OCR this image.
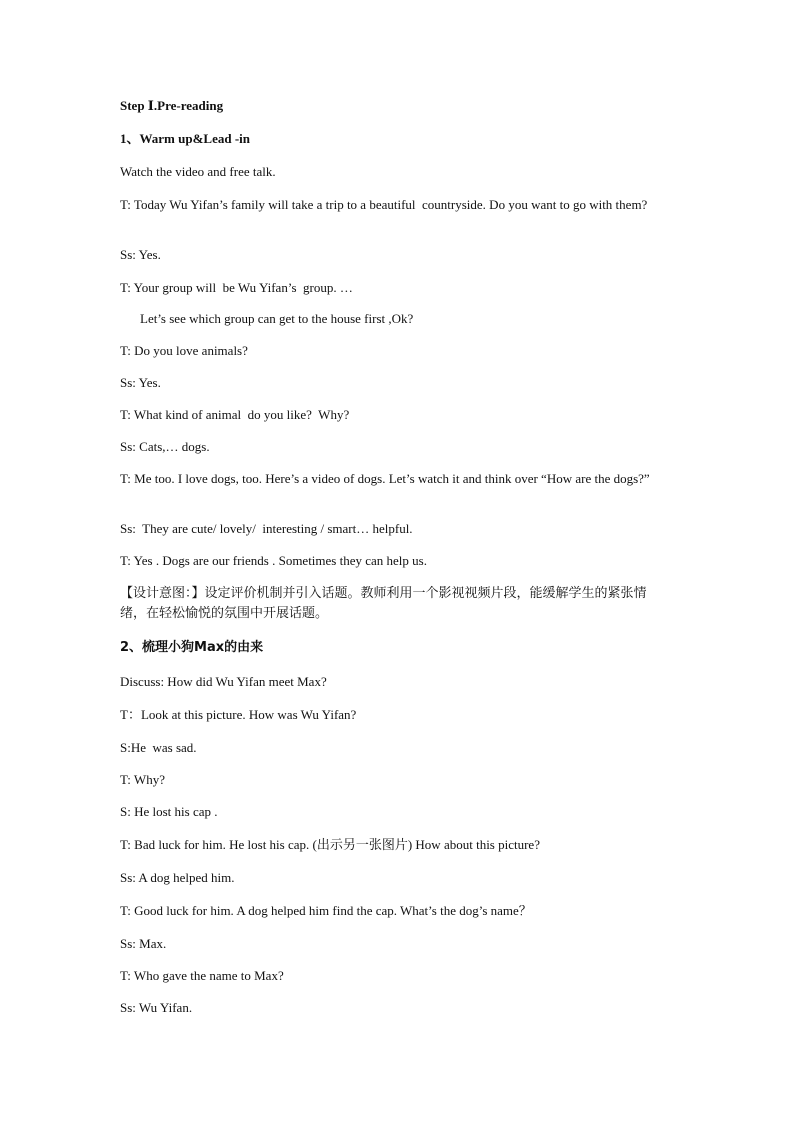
Step Ⅰ.Pre-reading
1、Warm up&Lead -in
Watch the video and free talk.
T: Today Wu Yifan’s family will take a trip to a beautiful  countryside. Do you want to go with them?
Ss: Yes.
T: Your group will  be Wu Yifan’s  group. …
Let’s see which group can get to the house first ,Ok?
T: Do you love animals?
Ss: Yes.
T: What kind of animal  do you like?  Why?
Ss: Cats,… dogs.
T: Me too. I love dogs, too. Here’s a video of dogs. Let’s watch it and think over “How are the dogs?”
Ss:  They are cute/ lovely/  interesting / smart… helpful.
T: Yes . Dogs are our friends . Sometimes they can help us.
【设计意图：】设定评价机制并引入话题。教师利用一个影视视频片段，能缓解学生的紧张情绪，在轻松愉悦的氛围中开展话题。
2、梳理小狗Max的由来
Discuss: How did Wu Yifan meet Max?
T：Look at this picture. How was Wu Yifan?
S:He  was sad.
T: Why?
S: He lost his cap .
T: Bad luck for him. He lost his cap. (出示另一张图片) How about this picture?
Ss: A dog helped him.
T: Good luck for him. A dog helped him find the cap. What’s the dog’s name？
Ss: Max.
T: Who gave the name to Max?
Ss: Wu Yifan.
